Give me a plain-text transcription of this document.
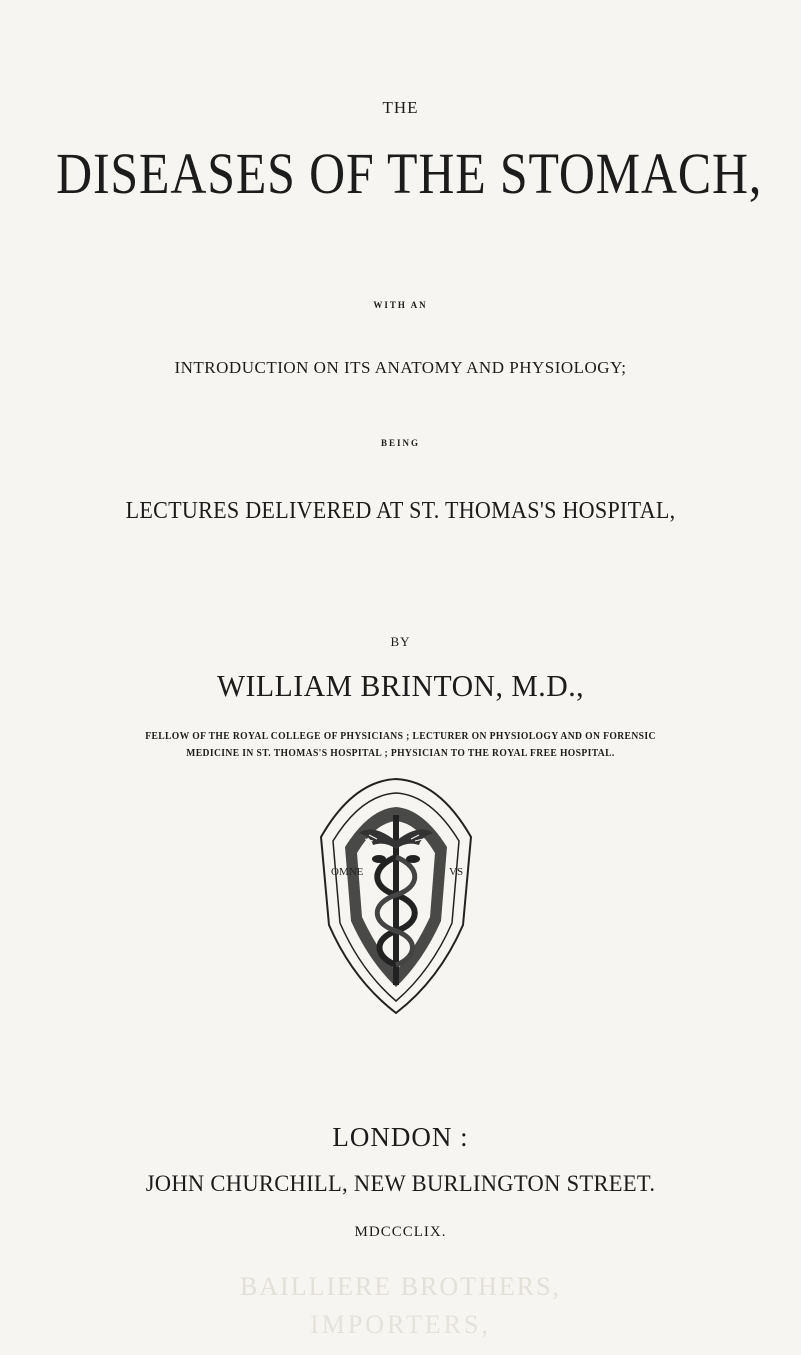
THE
DISEASES OF THE STOMACH,
WITH AN
INTRODUCTION ON ITS ANATOMY AND PHYSIOLOGY;
BEING
LECTURES DELIVERED AT ST. THOMAS'S HOSPITAL,
BY
WILLIAM BRINTON, M.D.,
FELLOW OF THE ROYAL COLLEGE OF PHYSICIANS ; LECTURER ON PHYSIOLOGY AND ON FORENSIC
MEDICINE IN ST. THOMAS'S HOSPITAL ; PHYSICIAN TO THE ROYAL FREE HOSPITAL.
OMNE	VS
LONDON :
JOHN CHURCHILL, NEW BURLINGTON STREET.
MDCCCLIX.
BAILLIERE BROTHERS,
IMPORTERS,
